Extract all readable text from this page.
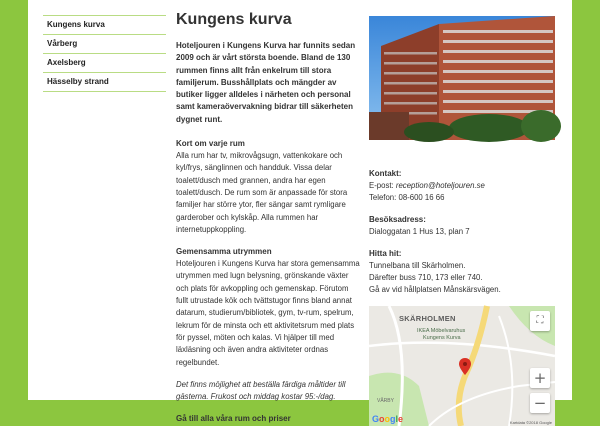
Kungens kurva
Vårberg
Axelsberg
Hässelby strand
Kungens kurva

Hoteljouren i Kungens Kurva har funnits sedan 2009 och är vårt största boende. Bland de 130 rummen finns allt från enkelrum till stora familjerum. Busshållplats och mängder av butiker ligger alldeles i närheten och personal samt kameraövervakning bidrar till säkerheten dygnet runt.

Kort om varje rum

Alla rum har tv, mikrovågsugn, vattenkokare och kyl/frys, sänglinnen och handduk. Vissa delar toalett/dusch med grannen, andra har egen toalett/dusch. De rum som är anpassade för stora familjer har större ytor, fler sängar samt rymligare garderober och kylskåp. Alla rummen har internetuppkoppling.

Gemensamma utrymmen

Hoteljouren i Kungens Kurva har stora gemensamma utrymmen med lugn belysning, grönskande växter och plats för avkoppling och gemenskap. Förutom fullt utrustade kök och tvättstugor finns bland annat datarum, studierum/bibliotek, gym, tv-rum, spelrum, lekrum för de minsta och ett aktivitetsrum med plats för pyssel, möten och kalas. Vi hjälper till med läxläsning och även andra aktiviteter ordnas regelbundet.

Det finns möjlighet att beställa färdiga måltider till gästerna. Frukost och middag kostar 95:-/dag.

Gå till alla våra rum och priser

Kontakt:

E-post: reception@hoteljouren.se

Telefon: 08-600 16 66

Besöksadress:

Dialoggatan 1 Hus 13, plan 7

Hitta hit:

Tunnelbana till Skärholmen.

Därefter buss 710, 173 eller 740.

Gå av vid hållplatsen Månskärsvägen.

SKÄRHOLMEN
IKEA Möbelvaruhus
Kungens Kurva
VÅRBY
⛶
+
−
Google	Kartdata ©2018 Google
